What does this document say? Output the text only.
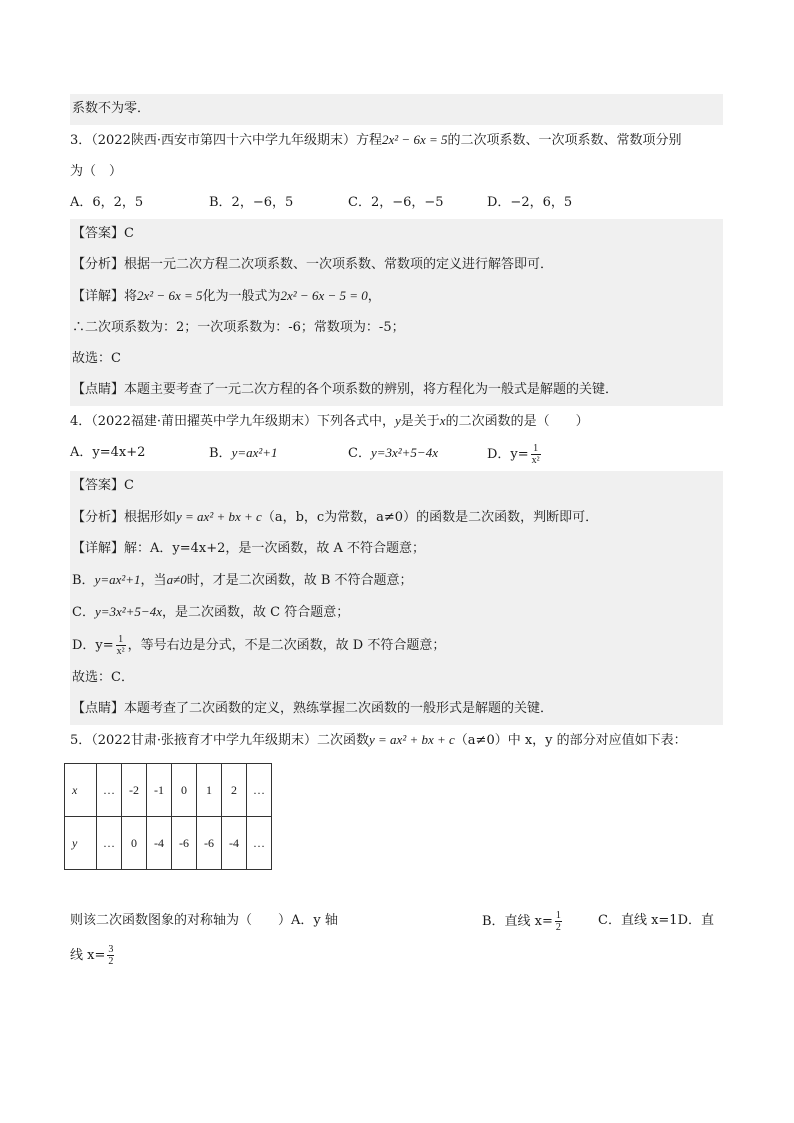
系数不为零．
3．（2022陕西·西安市第四十六中学九年级期末）方程2x² − 6x = 5的二次项系数、一次项系数、常数项分别
为（　）
A．6，2，5	B．2，−6，5	C．2，−6，−5	D．−2，6，5
【答案】C
【分析】根据一元二次方程二次项系数、一次项系数、常数项的定义进行解答即可．
【详解】将2x² − 6x = 5化为一般式为2x² − 6x − 5 = 0，
∴二次项系数为：2；一次项系数为：-6；常数项为：-5；
故选：C
【点睛】本题主要考查了一元二次方程的各个项系数的辨别，将方程化为一般式是解题的关键．
4．（2022福建·莆田擢英中学九年级期末）下列各式中，y是关于x的二次函数的是（　　）
A．y=4x+2	B．y=ax²+1	C．y=3x²+5−4x	D．$y= \frac{1}{\text{x²}}$
【答案】C
【分析】根据形如y = ax² + bx + c（a，b，c为常数，a≠0）的函数是二次函数，判断即可．
【详解】解：A．y=4x+2，是一次函数，故 A 不符合题意；
B．y=ax²+1，当a≠0时，才是二次函数，故 B 不符合题意；
C．y=3x²+5−4x，是二次函数，故 C 符合题意；
D．$y= \frac{1}{\text{x²}}$ ，等号右边是分式，不是二次函数，故 D 不符合题意；
故选：C．
【点睛】本题考查了二次函数的定义，熟练掌握二次函数的一般形式是解题的关键．
5．（2022甘肃·张掖育才中学九年级期末）二次函数y = ax² + bx + c（a≠0）中 x，y 的部分对应值如下表：
x	…	-2	-1	0	1	2	…
y	…	0	-4	-6	-6	-4	…
则该二次函数图象的对称轴为（　　）A．y 轴	B．直线 $x= \frac{1}{2}$	C．直线 x=1D．直
线 $x= \frac{3}{2}$
